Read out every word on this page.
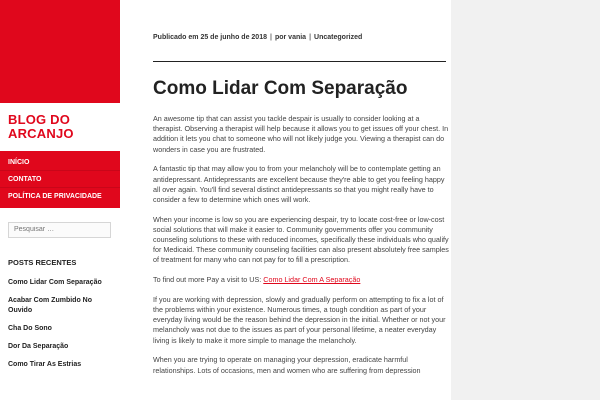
BLOG DO
ARCANJO
INÍCIO
CONTATO
POLÍTICA DE PRIVACIDADE
Pesquisar …
POSTS RECENTES
Como Lidar Com Separação
Acabar Com Zumbido No Ouvido
Cha Do Sono
Dor Da Separação
Como Tirar As Estrias
Publicado em 25 de junho de 2018 | por vania | Uncategorized
Como Lidar Com Separação

An awesome tip that can assist you tackle despair is usually to consider looking at a therapist. Observing a therapist will help because it allows you to get issues off your chest. In addition it lets you chat to someone who will not likely judge you. Viewing a therapist can do wonders in case you are frustrated.

A fantastic tip that may allow you to from your melancholy will be to contemplate getting an antidepressant. Antidepressants are excellent because they're able to get you feeling happy all over again. You'll find several distinct antidepressants so that you might really have to consider a few to determine which ones will work.

When your income is low so you are experiencing despair, try to locate cost-free or low-cost social solutions that will make it easier to. Community governments offer you community counseling solutions to these with reduced incomes, specifically these individuals who qualify for Medicaid. These community counseling facilities can also present absolutely free samples of treatment for many who can not pay for to fill a prescription.

To find out more Pay a visit to US: Como Lidar Com A Separação

If you are working with depression, slowly and gradually perform on attempting to fix a lot of the problems within your existence. Numerous times, a tough condition as part of your everyday living would be the reason behind the depression in the initial. Whether or not your melancholy was not due to the issues as part of your personal lifetime, a neater everyday living is likely to make it more simple to manage the melancholy.

When you are trying to operate on managing your depression, eradicate harmful relationships. Lots of occasions, men and women who are suffering from depression
